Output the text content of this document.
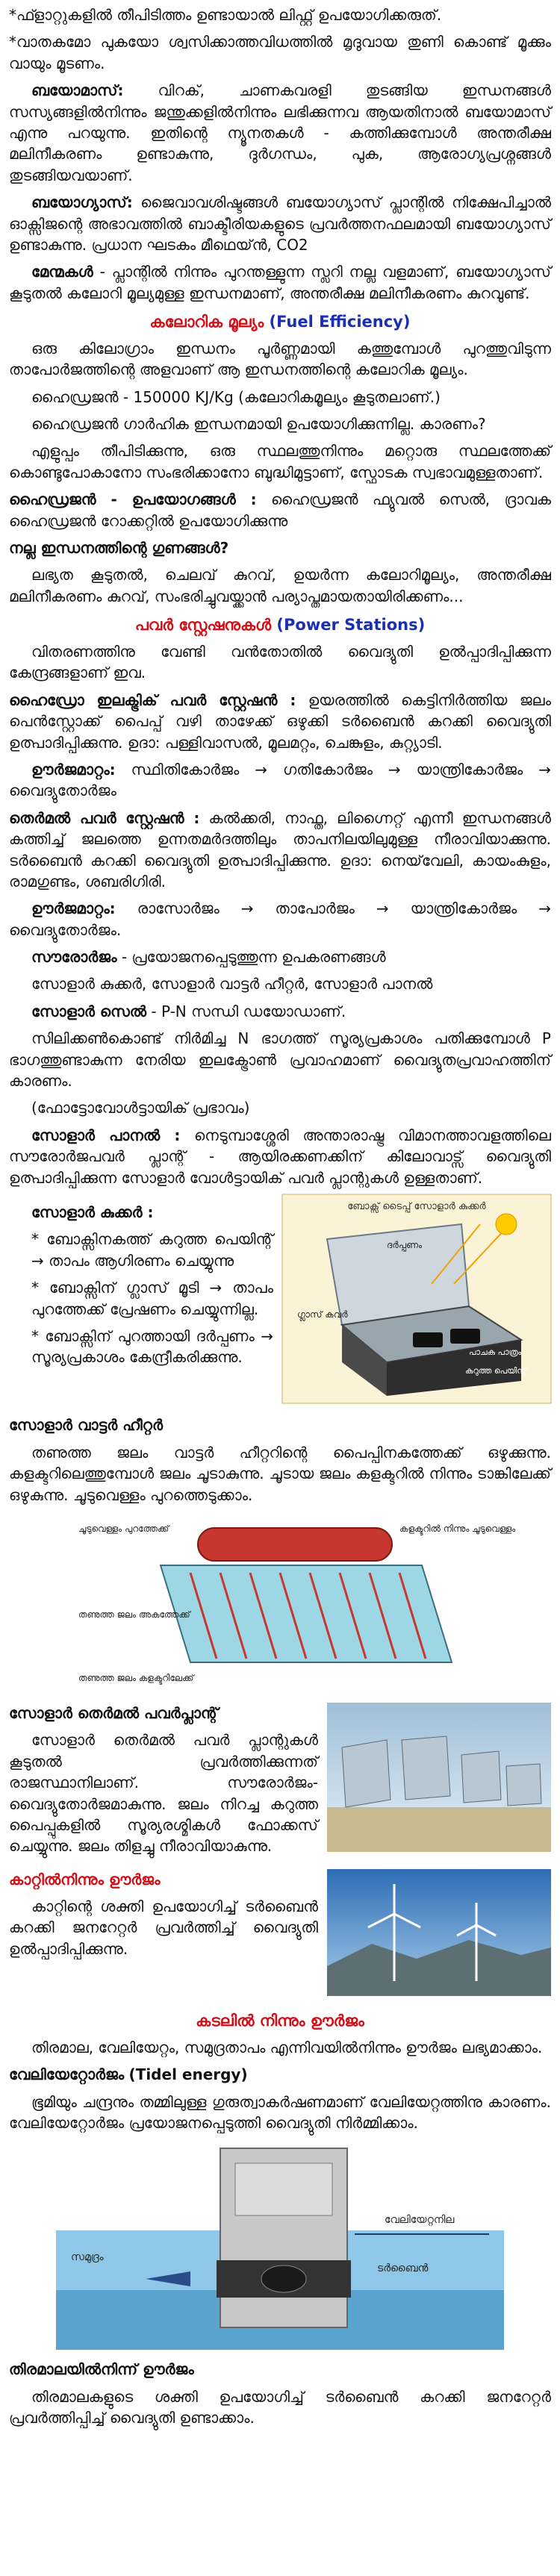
*ഫ്ളാറ്റുകളിൽ തീപിടിത്തം ഉണ്ടായാൽ ലിഫ്റ്റ് ഉപയോഗിക്കരുത്.

*വാതകമോ പുകയോ ശ്വസിക്കാത്തവിധത്തിൽ മൃദുവായ തുണി കൊണ്ട് മൂക്കും വായും മൂടണം.

ബയോമാസ്: വിറക്, ചാണകവരളി തുടങ്ങിയ ഇന്ധനങ്ങൾ സസ്യങ്ങളിൽനിന്നും ജന്തുക്കളിൽനിന്നും ലഭിക്കുന്നവ ആയതിനാൽ ബയോമാസ് എന്നു പറയുന്നു. ഇതിന്റെ ന്യൂനതകൾ - കത്തിക്കുമ്പോൾ അന്തരീക്ഷ മലിനീകരണം ഉണ്ടാകുന്നു, ദുർഗന്ധം, പുക, ആരോഗ്യപ്രശ്നങ്ങൾ തുടങ്ങിയവയാണ്.

ബയോഗ്യാസ്: ജൈവാവശിഷ്ടങ്ങൾ ബയോഗ്യാസ് പ്ലാന്റിൽ നിക്ഷേപിച്ചാൽ ഓക്സിജന്റെ അഭാവത്തിൽ ബാക്ടീരിയകളുടെ പ്രവർത്തനഫലമായി ബയോഗ്യാസ് ഉണ്ടാകുന്നു. പ്രധാന ഘടകം മീഥെയ്ൻ, CO2

മേന്മകൾ - പ്ലാന്റിൽ നിന്നും പുറന്തള്ളുന്ന സ്ലറി നല്ല വളമാണ്, ബയോഗ്യാസ് കൂടുതൽ കലോറി മൂല്യമുള്ള ഇന്ധനമാണ്, അന്തരീക്ഷ മലിനീകരണം കുറവുണ്ട്.

കലോറിക മൂല്യം (Fuel Efficiency)

ഒരു കിലോഗ്രാം ഇന്ധനം പൂർണ്ണമായി കത്തുമ്പോൾ പുറത്തുവിടുന്ന താപോർജത്തിന്റെ അളവാണ് ആ ഇന്ധനത്തിന്റെ കലോറിക മൂല്യം.

ഹൈഡ്രജൻ - 150000 KJ/Kg (കലോറികമൂല്യം കൂടുതലാണ്.)

ഹൈഡ്രജൻ ഗാർഹിക ഇന്ധനമായി ഉപയോഗിക്കുന്നില്ല. കാരണം?

എളുപ്പം തീപിടിക്കുന്നു, ഒരു സ്ഥലത്തുനിന്നും മറ്റൊരു സ്ഥലത്തേക്ക് കൊണ്ടുപോകാനോ സംഭരിക്കാനോ ബുദ്ധിമുട്ടാണ്, സ്ഫോടക സ്വഭാവമുള്ളതാണ്.

ഹൈഡ്രജൻ - ഉപയോഗങ്ങൾ : ഹൈഡ്രജൻ ഫ്യുവൽ സെൽ, ദ്രാവക ഹൈഡ്രജൻ റോക്കറ്റിൽ ഉപയോഗിക്കുന്നു

നല്ല ഇന്ധനത്തിന്റെ ഗുണങ്ങൾ?

ലഭ്യത കൂടുതൽ, ചെലവ് കുറവ്, ഉയർന്ന കലോറിമൂല്യം, അന്തരീക്ഷ മലിനീകരണം കുറവ്, സംഭരിച്ചുവയ്ക്കാൻ പര്യാപ്തമായതായിരിക്കണം...

പവർ സ്റ്റേഷനുകൾ (Power Stations)

വിതരണത്തിനു വേണ്ടി വൻതോതിൽ വൈദ്യുതി ഉൽപ്പാദിപ്പിക്കുന്ന കേന്ദ്രങ്ങളാണ് ഇവ.

ഹൈഡ്രോ ഇലക്ട്രിക് പവർ സ്റ്റേഷൻ : ഉയരത്തിൽ കെട്ടിനിർത്തിയ ജലം പെൻസ്റ്റോക്ക് പൈപ്പ് വഴി താഴേക്ക് ഒഴുക്കി ടർബൈൻ കറക്കി വൈദ്യുതി ഉത്പാദിപ്പിക്കുന്നു. ഉദാ: പള്ളിവാസൽ, മൂലമറ്റം, ചെങ്കുളം, കുറ്റ്യാടി.

ഊർജമാറ്റം: സ്ഥിതികോർജം → ഗതികോർജം → യാന്ത്രികോർജം → വൈദ്യുതോർജം

തെർമൽ പവർ സ്റ്റേഷൻ : കൽക്കരി, നാഫ്ത, ലിഗ്നൈറ്റ് എന്നീ ഇന്ധനങ്ങൾ കത്തിച്ച് ജലത്തെ ഉന്നതമർദത്തിലും താപനിലയിലുമുള്ള നീരാവിയാക്കുന്നു. ടർബൈൻ കറക്കി വൈദ്യുതി ഉത്പാദിപ്പിക്കുന്നു. ഉദാ: നെയ്‌വേലി, കായംകുളം, രാമഗുണ്ടം, ശബരിഗിരി.

ഊർജമാറ്റം: രാസോർജം → താപോർജം → യാന്ത്രികോർജം → വൈദ്യുതോർജം.

സൗരോർജം - പ്രയോജനപ്പെടുത്തുന്ന ഉപകരണങ്ങൾ

സോളാർ കുക്കർ, സോളാർ വാട്ടർ ഹീറ്റർ, സോളാർ പാനൽ

സോളാർ സെൽ - P-N സന്ധി ഡയോഡാണ്.

സിലിക്കൺകൊണ്ട് നിർമിച്ച N ഭാഗത്ത് സൂര്യപ്രകാശം പതിക്കുമ്പോൾ P ഭാഗത്തുണ്ടാകുന്ന നേരിയ ഇലക്ട്രോൺ പ്രവാഹമാണ് വൈദ്യുതപ്രവാഹത്തിന് കാരണം.

(ഫോട്ടോവോൾട്ടായിക് പ്രഭാവം)

സോളാർ പാനൽ : നെടുമ്പാശ്ശേരി അന്താരാഷ്ട്ര വിമാനത്താവളത്തിലെ സൗരോർജപവർ പ്ലാന്റ് - ആയിരക്കണക്കിന് കിലോവാട്സ് വൈദ്യുതി ഉത്പാദിപ്പിക്കുന്ന സോളാർ വോൾട്ടായിക് പവർ പ്ലാന്റുകൾ ഉള്ളതാണ്.

സോളാർ കുക്കർ :

* ബോക്സിനകത്ത് കറുത്ത പെയിന്റ് → താപം ആഗിരണം ചെയ്യുന്നു

* ബോക്സിന് ഗ്ലാസ് മൂടി → താപം പുറത്തേക്ക് പ്രേഷണം ചെയ്യുന്നില്ല.

* ബോക്സിന് പുറത്തായി ദർപ്പണം → സൂര്യപ്രകാശം കേന്ദ്രീകരിക്കുന്നു.

ബോക്സ് ടൈപ്പ് സോളാർ കുക്കർ
ദർപ്പണം
ഗ്ലാസ് കവർ
കറുത്ത പെയിന്റ്
പാചക പാത്രം

സോളാർ വാട്ടർ ഹീറ്റർ

തണുത്ത ജലം വാട്ടർ ഹീറ്ററിന്റെ പൈപ്പിനകത്തേക്ക് ഒഴുക്കുന്നു. കളക്ടറിലെത്തുമ്പോൾ ജലം ചൂടാകുന്നു. ചൂടായ ജലം കളക്ടറിൽ നിന്നും ടാങ്കിലേക്ക് ഒഴുകുന്നു. ചൂടുവെള്ളം പുറത്തെടുക്കാം.

ചൂടുവെള്ളം പുറത്തേക്ക്	കളക്ടറിൽ നിന്നും ചൂടുവെള്ളം
തണുത്ത ജലം അകത്തേക്ക്
തണുത്ത ജലം കളക്ടറിലേക്ക്

സോളാർ തെർമൽ പവർപ്ലാന്റ്

സോളാർ തെർമൽ പവർ പ്ലാന്റുകൾ കൂടുതൽ പ്രവർത്തിക്കുന്നത് രാജസ്ഥാനിലാണ്. സൗരോർജം-വൈദ്യുതോർജമാകുന്നു. ജലം നിറച്ച കറുത്ത പൈപ്പുകളിൽ സൂര്യരശ്മികൾ ഫോക്കസ് ചെയ്യുന്നു. ജലം തിളച്ചു നീരാവിയാകുന്നു.

കാറ്റിൽനിന്നും ഊർജം

കാറ്റിന്റെ ശക്തി ഉപയോഗിച്ച് ടർബൈൻ കറക്കി ജനറേറ്റർ പ്രവർത്തിച്ച് വൈദ്യുതി ഉൽപ്പാദിപ്പിക്കുന്നു.

കടലിൽ നിന്നും ഊർജം

തിരമാല, വേലിയേറ്റം, സമുദ്രതാപം എന്നിവയിൽനിന്നും ഊർജം ലഭ്യമാക്കാം.

വേലിയേറ്റോർജം (Tidel energy)

ഭൂമിയും ചന്ദ്രനും തമ്മിലുള്ള ഗുരുത്വാകർഷണമാണ് വേലിയേറ്റത്തിനു കാരണം. വേലിയേറ്റോർജം പ്രയോജനപ്പെടുത്തി വൈദ്യുതി നിർമ്മിക്കാം.

വേലിയേറ്റനില
സമുദ്രം
ടർബൈൻ

തിരമാലയിൽനിന്ന് ഊർജം

തിരമാലകളുടെ ശക്തി ഉപയോഗിച്ച് ടർബൈൻ കറക്കി ജനറേറ്റർ പ്രവർത്തിപ്പിച്ച് വൈദ്യുതി ഉണ്ടാക്കാം.
